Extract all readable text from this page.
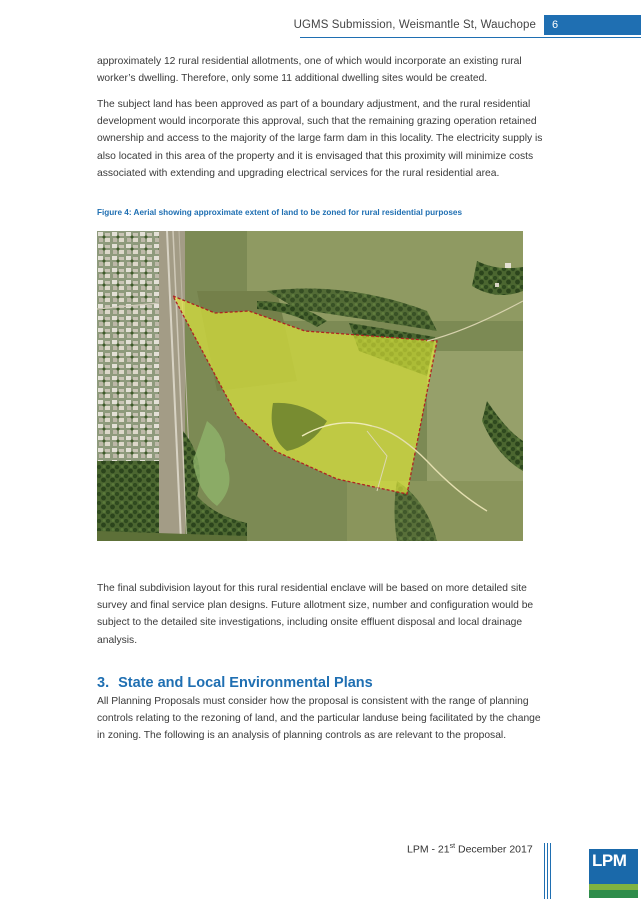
UGMS Submission, Weismantle St, Wauchope	6

approximately 12 rural residential allotments, one of which would incorporate an existing rural worker’s dwelling. Therefore, only some 11 additional dwelling sites would be created.

The subject land has been approved as part of a boundary adjustment, and the rural residential development would incorporate this approval, such that the remaining grazing operation retained ownership and access to the majority of the large farm dam in this locality. The electricity supply is also located in this area of the property and it is envisaged that this proximity will minimize costs associated with extending and upgrading electrical services for the rural residential area.

Figure 4: Aerial showing approximate extent of land to be zoned for rural residential purposes

The final subdivision layout for this rural residential enclave will be based on more detailed site survey and final service plan designs. Future allotment size, number and configuration would be subject to the detailed site investigations, including onsite effluent disposal and local drainage analysis.

3. State and Local Environmental Plans

All Planning Proposals must consider how the proposal is consistent with the range of planning controls relating to the rezoning of land, and the particular landuse being facilitated by the change in zoning. The following is an analysis of planning controls as are relevant to the proposal.

LPM - 21st December 2017
LPM
